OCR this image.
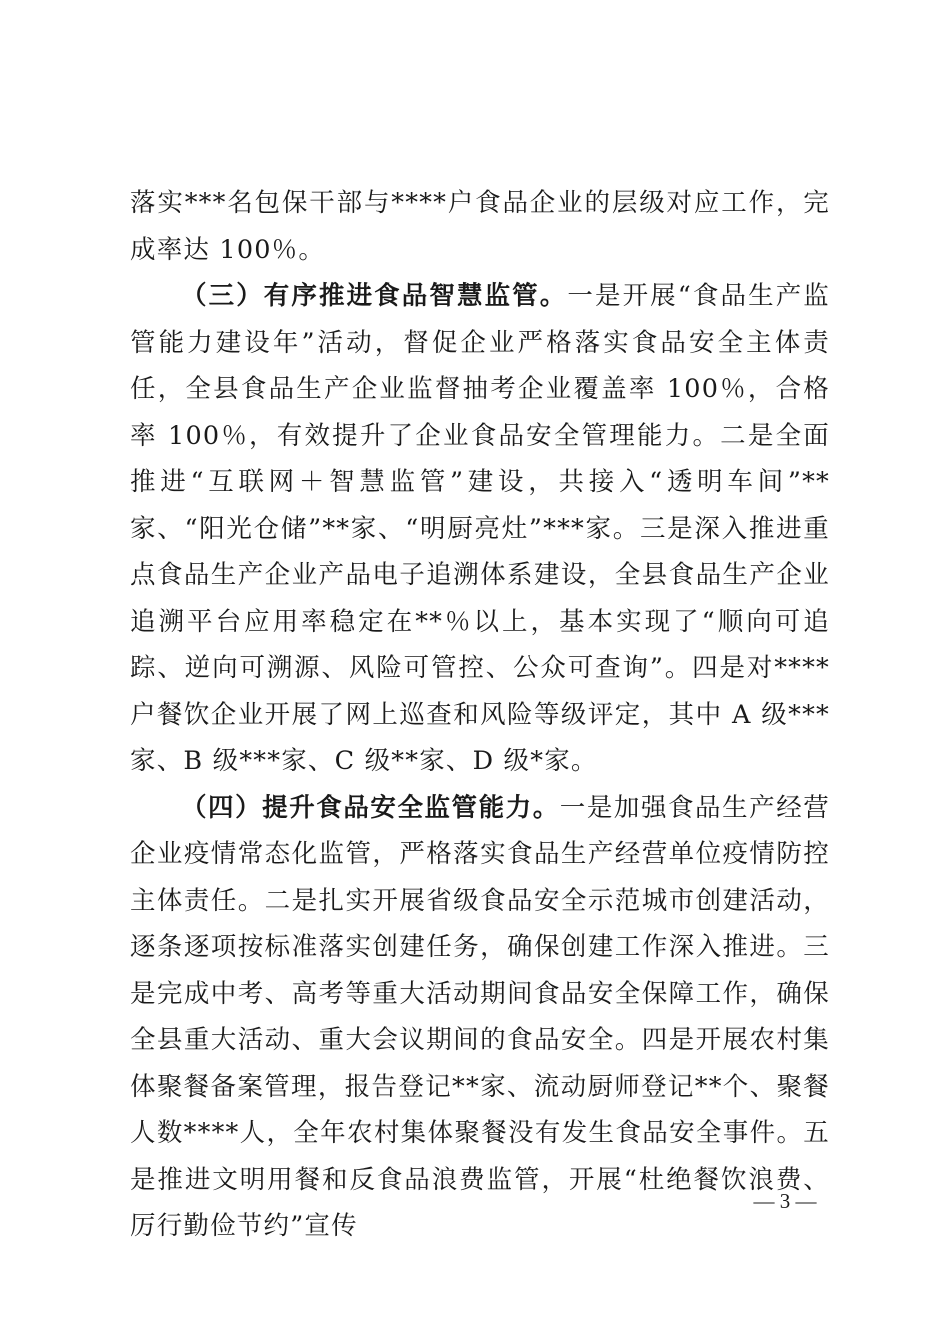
落实***名包保干部与****户食品企业的层级对应工作，完成率达 100％。

（三）有序推进食品智慧监管。一是开展“食品生产监管能力建设年”活动，督促企业严格落实食品安全主体责任，全县食品生产企业监督抽考企业覆盖率 100％，合格率 100％，有效提升了企业食品安全管理能力。二是全面推进“互联网＋智慧监管”建设，共接入“透明车间”**家、“阳光仓储”**家、“明厨亮灶”***家。三是深入推进重点食品生产企业产品电子追溯体系建设，全县食品生产企业追溯平台应用率稳定在**％以上，基本实现了“顺向可追踪、逆向可溯源、风险可管控、公众可查询”。四是对****户餐饮企业开展了网上巡查和风险等级评定，其中 A 级***家、B 级***家、C 级**家、D 级*家。

（四）提升食品安全监管能力。一是加强食品生产经营企业疫情常态化监管，严格落实食品生产经营单位疫情防控主体责任。二是扎实开展省级食品安全示范城市创建活动，逐条逐项按标准落实创建任务，确保创建工作深入推进。三是完成中考、高考等重大活动期间食品安全保障工作，确保全县重大活动、重大会议期间的食品安全。四是开展农村集体聚餐备案管理，报告登记**家、流动厨师登记**个、聚餐人数****人，全年农村集体聚餐没有发生食品安全事件。五是推进文明用餐和反食品浪费监管，开展“杜绝餐饮浪费、厉行勤俭节约”宣传

— 3 —
